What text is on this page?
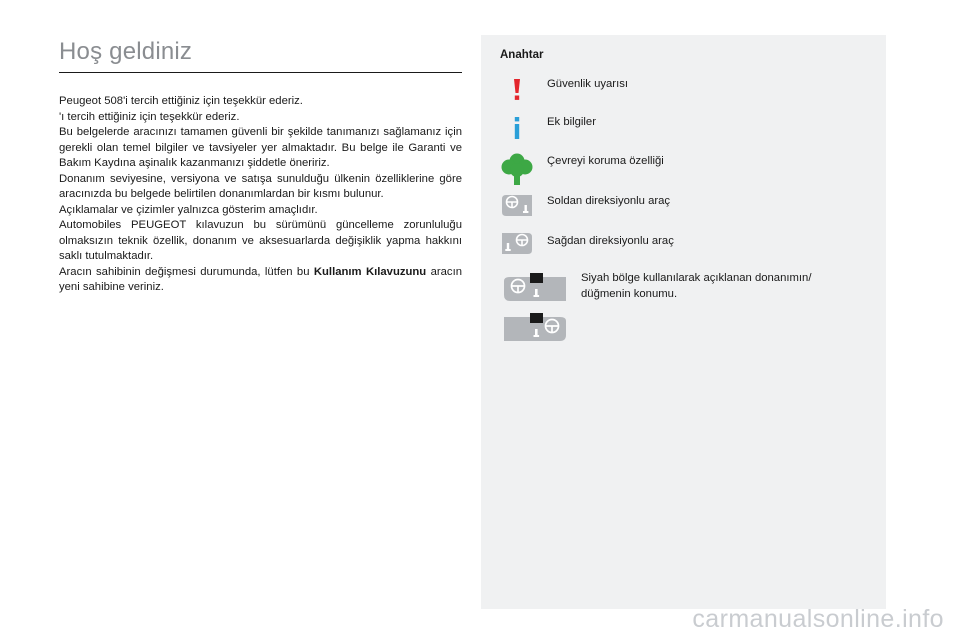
Hoş geldiniz

Peugeot 508'i tercih ettiğiniz için teşekkür ederiz.

'ı tercih ettiğiniz için teşekkür ederiz.

Bu belgelerde aracınızı tamamen güvenli bir şekilde tanımanızı sağlamanız için gerekli olan temel bilgiler ve tavsiyeler yer almaktadır. Bu belge ile Garanti ve Bakım Kaydına aşinalık kazanmanızı şiddetle öneririz.

Donanım seviyesine, versiyona ve satışa sunulduğu ülkenin özelliklerine göre aracınızda bu belgede belirtilen donanımlardan bir kısmı bulunur.

Açıklamalar ve çizimler yalnızca gösterim amaçlıdır.

Automobiles PEUGEOT kılavuzun bu sürümünü güncelleme zorunluluğu olmaksızın teknik özellik, donanım ve aksesuarlarda değişiklik yapma hakkını saklı tutulmaktadır.

Aracın sahibinin değişmesi durumunda, lütfen bu Kullanım Kılavuzunu aracın yeni sahibine veriniz.

Anahtar
Güvenlik uyarısı
Ek bilgiler
Çevreyi koruma özelliği
Soldan direksiyonlu araç
Sağdan direksiyonlu araç
Siyah bölge kullanılarak açıklanan donanımın/ düğmenin konumu.
carmanualsonline.info
